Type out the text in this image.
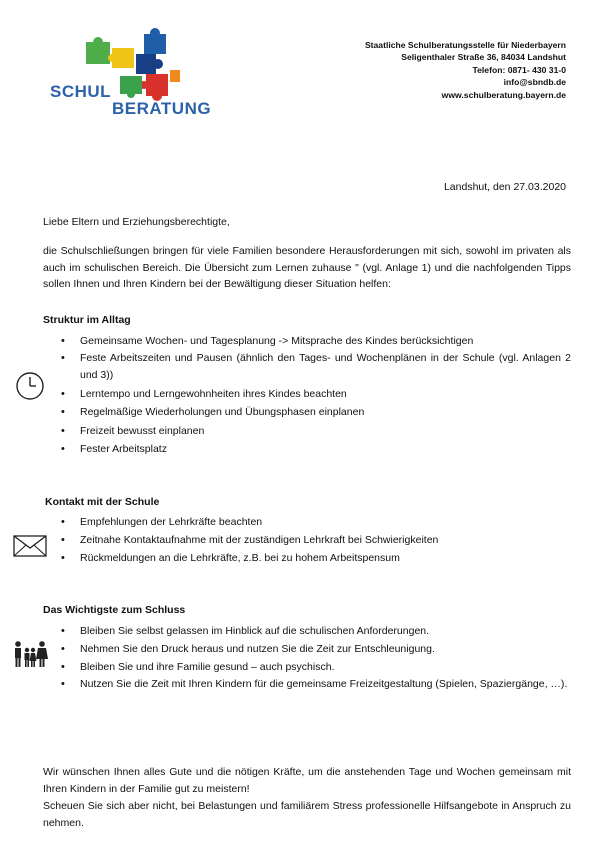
SCHUL
BERATUNG
Staatliche Schulberatungsstelle für Niederbayern
Seligenthaler Straße 36, 84034 Landshut
Telefon: 0871- 430 31-0
info@sbndb.de
www.schulberatung.bayern.de
Landshut, den 27.03.2020
Liebe Eltern und Erziehungsberechtigte,
die Schulschließungen bringen für viele Familien besondere Herausforderungen mit sich, sowohl im privaten als auch im schulischen Bereich. Die Übersicht zum Lernen zuhause " (vgl. Anlage 1) und die nachfolgenden Tipps sollen Ihnen und Ihren Kindern bei der Bewältigung dieser Situation helfen:
Struktur im Alltag
• Gemeinsame Wochen- und Tagesplanung -> Mitsprache des Kindes berücksichtigen
• Feste Arbeitszeiten und Pausen (ähnlich den Tages- und Wochenplänen in der Schule (vgl. Anlagen 2 und 3))
• Lerntempo und Lerngewohnheiten ihres Kindes beachten
• Regelmäßige Wiederholungen und Übungsphasen einplanen
• Freizeit bewusst einplanen
• Fester Arbeitsplatz
Kontakt mit der Schule
• Empfehlungen der Lehrkräfte beachten
• Zeitnahe Kontaktaufnahme mit der zuständigen Lehrkraft bei Schwierigkeiten
• Rückmeldungen an die Lehrkräfte, z.B. bei zu hohem Arbeitspensum
Das Wichtigste zum Schluss
• Bleiben Sie selbst gelassen im Hinblick auf die schulischen Anforderungen.
• Nehmen Sie den Druck heraus und nutzen Sie die Zeit zur Entschleunigung.
• Bleiben Sie und ihre Familie gesund – auch psychisch.
• Nutzen Sie die Zeit mit Ihren Kindern für die gemeinsame Freizeitgestaltung (Spielen, Spaziergänge, …).
Wir wünschen Ihnen alles Gute und die nötigen Kräfte, um die anstehenden Tage und Wochen gemeinsam mit Ihren Kindern in der Familie gut zu meistern!
Scheuen Sie sich aber nicht, bei Belastungen und familiärem Stress professionelle Hilfsangebote in Anspruch zu nehmen.
